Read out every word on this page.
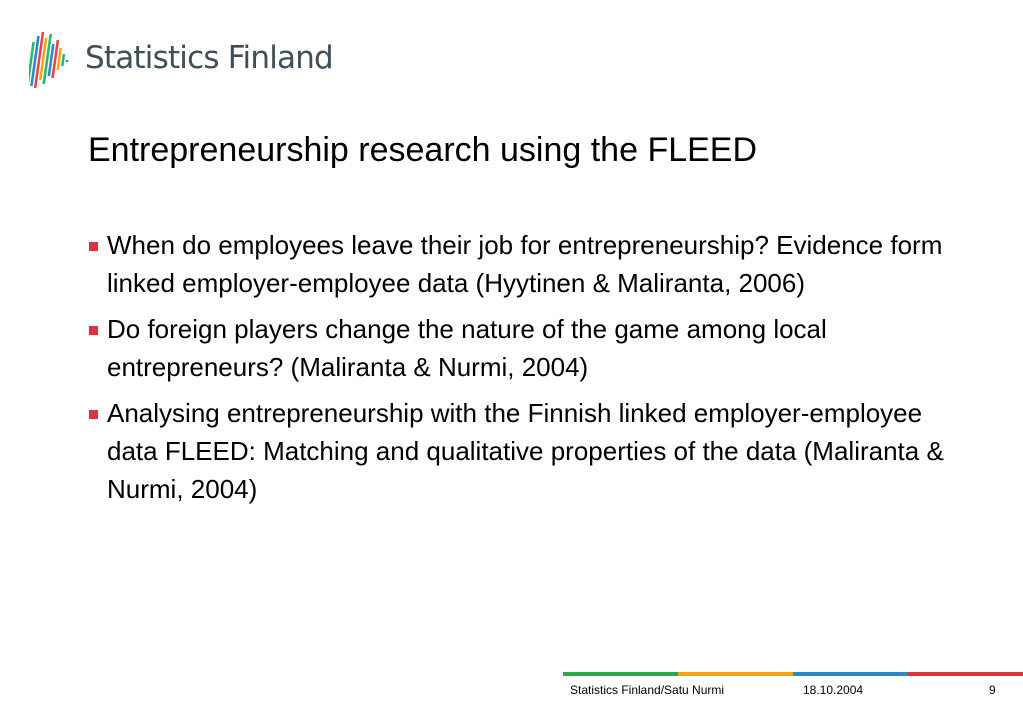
Statistics Finland
Entrepreneurship research using the FLEED
When do employees leave their job for entrepreneurship? Evidence form linked employer-employee data (Hyytinen & Maliranta, 2006)
Do foreign players change the nature of the game among local entrepreneurs? (Maliranta & Nurmi, 2004)
Analysing entrepreneurship with the Finnish linked employer-employee data FLEED: Matching and qualitative properties of the data (Maliranta & Nurmi, 2004)
Statistics Finland/Satu Nurmi	18.10.2004	9
